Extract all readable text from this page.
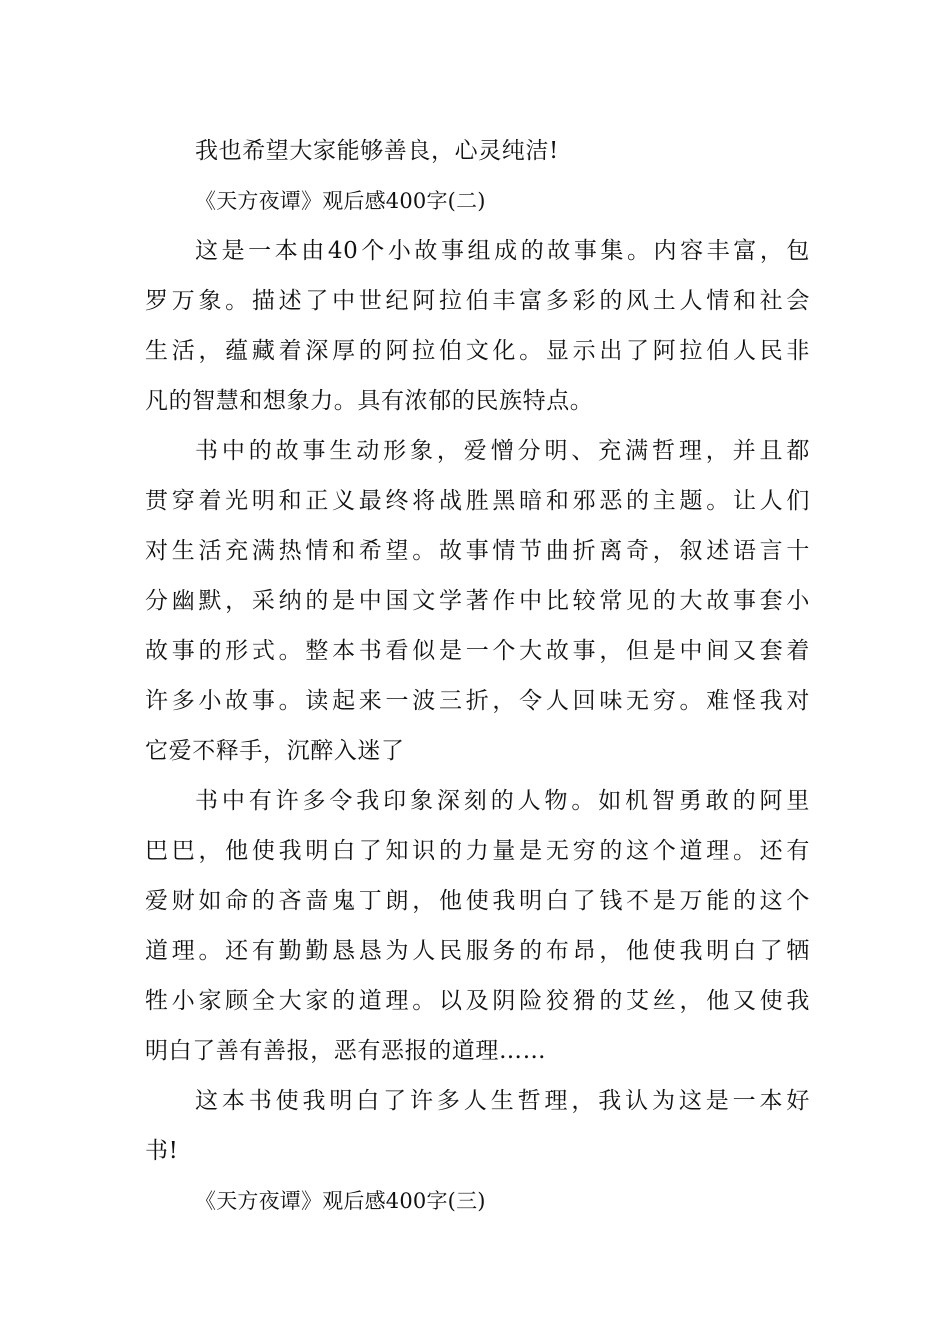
我也希望大家能够善良，心灵纯洁!
《天方夜谭》观后感400字(二)
这是一本由40个小故事组成的故事集。内容丰富，包
罗万象。描述了中世纪阿拉伯丰富多彩的风土人情和社会
生活，蕴藏着深厚的阿拉伯文化。显示出了阿拉伯人民非
凡的智慧和想象力。具有浓郁的民族特点。
书中的故事生动形象，爱憎分明、充满哲理，并且都
贯穿着光明和正义最终将战胜黑暗和邪恶的主题。让人们
对生活充满热情和希望。故事情节曲折离奇，叙述语言十
分幽默，采纳的是中国文学著作中比较常见的大故事套小
故事的形式。整本书看似是一个大故事，但是中间又套着
许多小故事。读起来一波三折，令人回味无穷。难怪我对
它爱不释手，沉醉入迷了
书中有许多令我印象深刻的人物。如机智勇敢的阿里
巴巴，他使我明白了知识的力量是无穷的这个道理。还有
爱财如命的吝啬鬼丁朗，他使我明白了钱不是万能的这个
道理。还有勤勤恳恳为人民服务的布昂，他使我明白了牺
牲小家顾全大家的道理。以及阴险狡猾的艾丝，他又使我
明白了善有善报，恶有恶报的道理……
这本书使我明白了许多人生哲理，我认为这是一本好
书!
《天方夜谭》观后感400字(三)
